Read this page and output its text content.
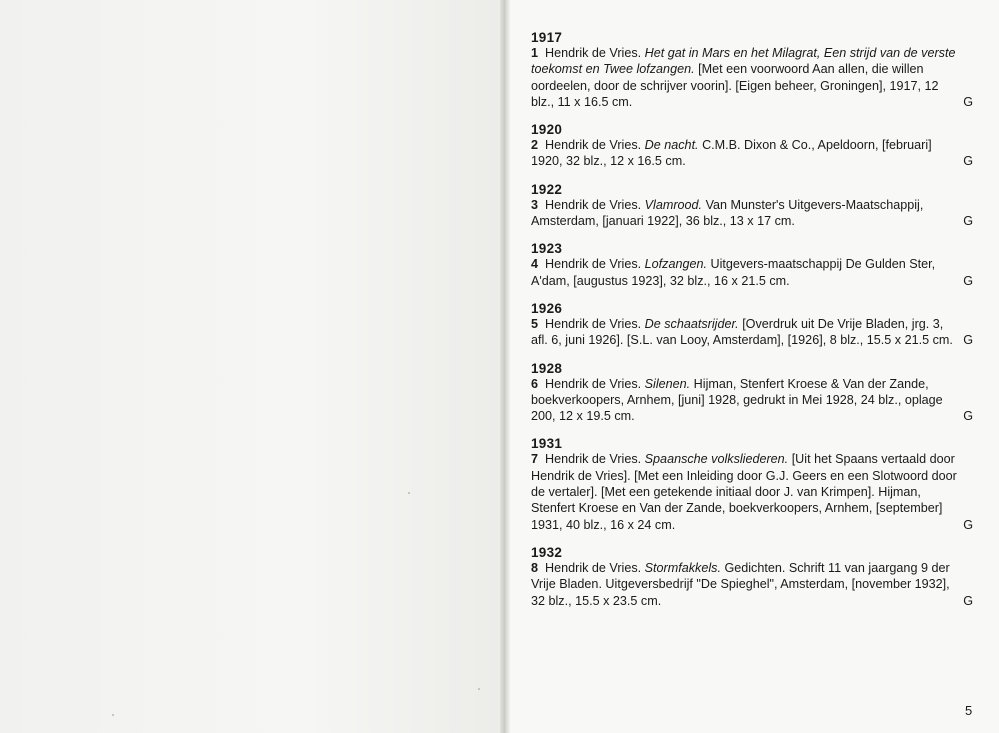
1917
1 Hendrik de Vries. Het gat in Mars en het Milagrat, Een strijd van de verste toekomst en Twee lofzangen. [Met een voorwoord Aan allen, die willen oordeelen, door de schrijver voorin]. [Eigen beheer, Groningen], 1917, 12 blz., 11 x 16.5 cm.	G
1920
2 Hendrik de Vries. De nacht. C.M.B. Dixon & Co., Apeldoorn, [februari] 1920, 32 blz., 12 x 16.5 cm.	G
1922
3 Hendrik de Vries. Vlamrood. Van Munster's Uitgevers-Maatschappij, Amsterdam, [januari 1922], 36 blz., 13 x 17 cm.	G
1923
4 Hendrik de Vries. Lofzangen. Uitgevers-maatschappij De Gulden Ster, A'dam, [augustus 1923], 32 blz., 16 x 21.5 cm.	G
1926
5 Hendrik de Vries. De schaatsrijder. [Overdruk uit De Vrije Bladen, jrg. 3, afl. 6, juni 1926]. [S.L. van Looy, Amsterdam], [1926], 8 blz., 15.5 x 21.5 cm. G
1928
6 Hendrik de Vries. Silenen. Hijman, Stenfert Kroese & Van der Zande, boekverkoopers, Arnhem, [juni] 1928, gedrukt in Mei 1928, 24 blz., oplage 200, 12 x 19.5 cm.	G
1931
7 Hendrik de Vries. Spaansche volksliederen. [Uit het Spaans vertaald door Hendrik de Vries]. [Met een Inleiding door G.J. Geers en een Slotwoord door de vertaler]. [Met een getekende initiaal door J. van Krimpen]. Hijman, Stenfert Kroese en Van der Zande, boekverkoopers, Arnhem, [september] 1931, 40 blz., 16 x 24 cm.	G
1932
8 Hendrik de Vries. Stormfakkels. Gedichten. Schrift 11 van jaargang 9 der Vrije Bladen. Uitgeversbedrijf "De Spieghel", Amsterdam, [november 1932], 32 blz., 15.5 x 23.5 cm.	G
5
